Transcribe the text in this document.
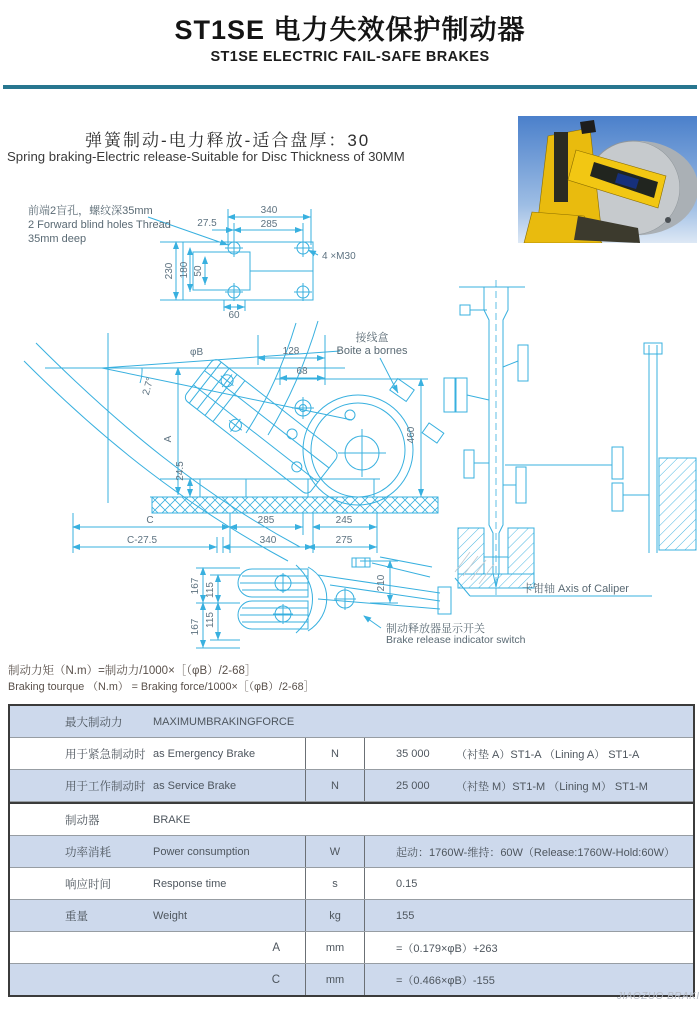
ST1SE 电力失效保护制动器
ST1SE ELECTRIC FAIL-SAFE BRAKES
弹簧制动-电力释放-适合盘厚：30
Spring braking-Electric release-Suitable for Disc Thickness of 30MM
前端2盲孔，螺纹深35mm
2 Forward blind holes Thread
35mm deep
接线盒
Boite a bornes
卡钳轴 Axis of Caliper
制动释放器显示开关
Brake release indicator switch
340
285
27.5
4 ×M30
230 180 50
60
φB	128
68
2.7°
A	460
24.5
C	285	245
C-27.5	340	275
167 115
167 115
210
制动力矩（N.m）=制动力/1000×［（φB）/2-68］
Braking tourque （N.m） = Braking force/1000×［（φB）/2-68］
最大制动力	MAXIMUMBRAKINGFORCE
用于紧急制动时 as Emergency Brake	N	35 000	（衬垫 A）ST1-A （Lining A） ST1-A
用于工作制动时 as Service Brake	N	25 000	（衬垫 M）ST1-M （Lining M） ST1-M
制动器	BRAKE
功率消耗	Power consumption	W	起动：1760W-维持：60W（Release:1760W-Hold:60W）
响应时间	Response time	s	0.15
重量	Weight	kg	155
A	mm	=（0.179×φB）+263
C	mm	=（0.466×φB）-155
JIAOZUO BRAKI
